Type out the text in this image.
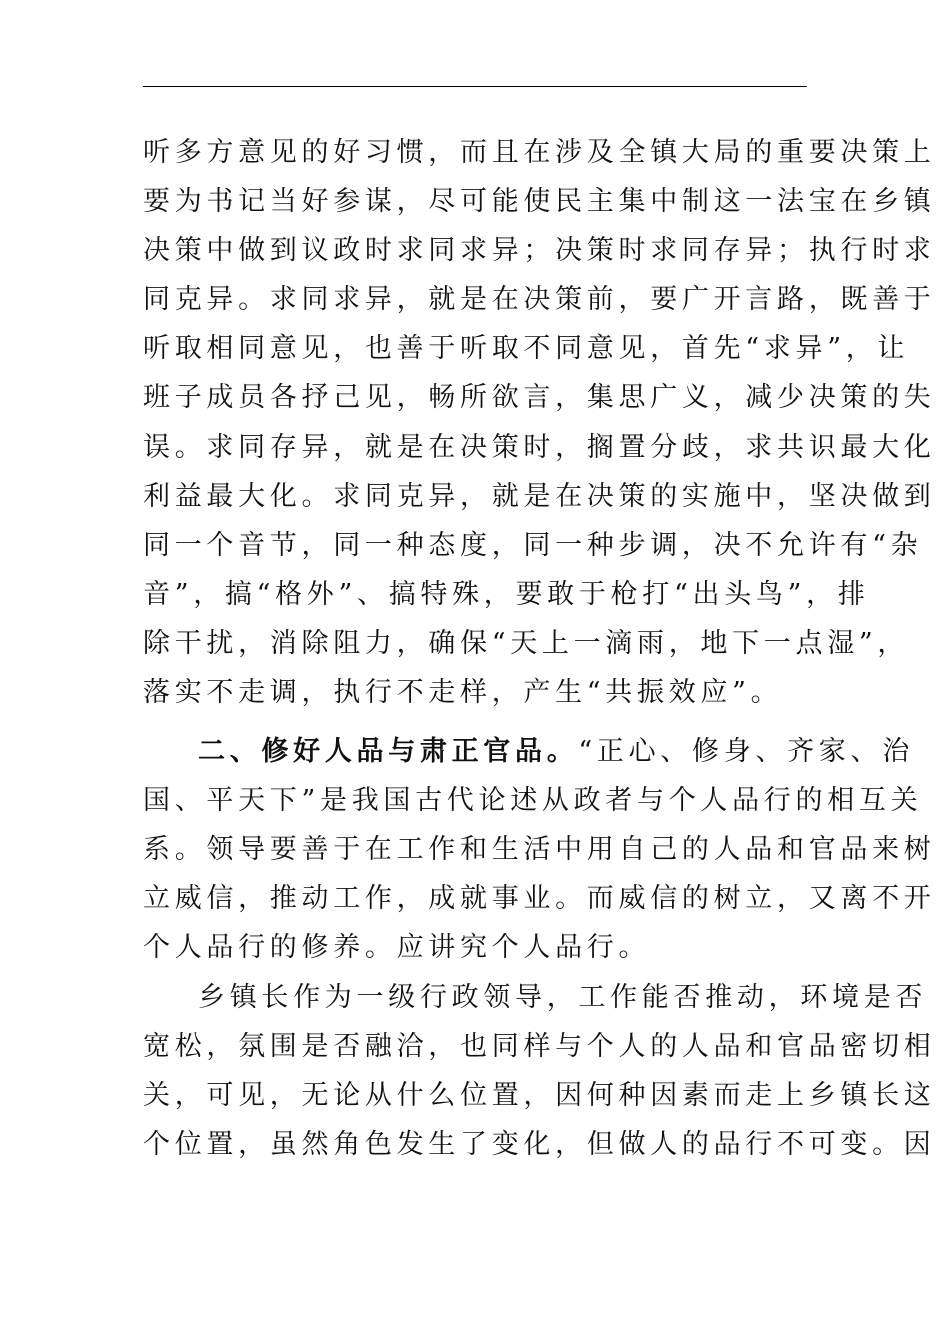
听多方意见的好习惯，而且在涉及全镇大局的重要决策上
要为书记当好参谋，尽可能使民主集中制这一法宝在乡镇
决策中做到议政时求同求异；决策时求同存异；执行时求
同克异。求同求异，就是在决策前，要广开言路，既善于
听取相同意见，也善于听取不同意见，首先“求异”，让
班子成员各抒己见，畅所欲言，集思广义，减少决策的失
误。求同存异，就是在决策时，搁置分歧，求共识最大化
利益最大化。求同克异，就是在决策的实施中，坚决做到
同一个音节，同一种态度，同一种步调，决不允许有“杂
音”，搞“格外”、搞特殊，要敢于枪打“出头鸟”，排
除干扰，消除阻力，确保“天上一滴雨，地下一点湿”，
落实不走调，执行不走样，产生“共振效应”。
二、修好人品与肃正官品。“正心、修身、齐家、治
国、平天下”是我国古代论述从政者与个人品行的相互关
系。领导要善于在工作和生活中用自己的人品和官品来树
立威信，推动工作，成就事业。而威信的树立，又离不开
个人品行的修养。应讲究个人品行。
乡镇长作为一级行政领导，工作能否推动，环境是否
宽松，氛围是否融洽，也同样与个人的人品和官品密切相
关，可见，无论从什么位置，因何种因素而走上乡镇长这
个位置，虽然角色发生了变化，但做人的品行不可变。因
